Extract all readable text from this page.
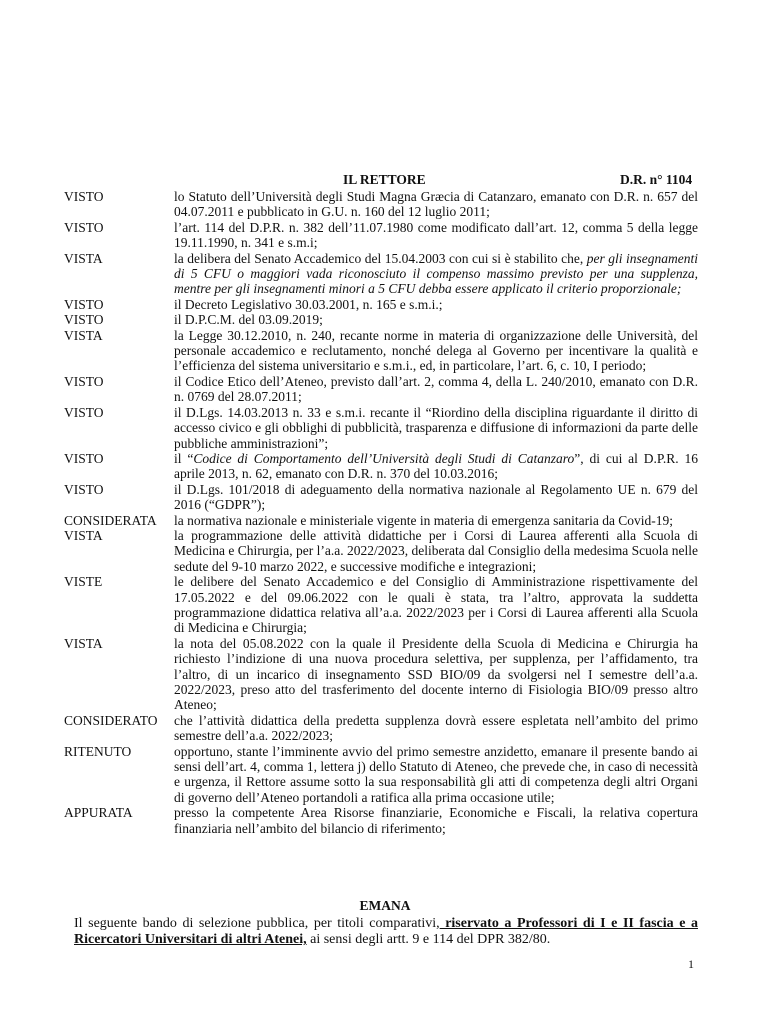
IL RETTORE	D.R. n° 1104
VISTO	lo Statuto dell’Università degli Studi Magna Græcia di Catanzaro, emanato con D.R. n. 657 del 04.07.2011 e pubblicato in G.U. n. 160 del 12 luglio 2011;
VISTO	l’art. 114 del D.P.R. n. 382 dell’11.07.1980 come modificato dall’art. 12, comma 5 della legge 19.11.1990, n. 341 e s.m.i;
VISTA	la delibera del Senato Accademico del 15.04.2003 con cui si è stabilito che, per gli insegnamenti di 5 CFU o maggiori vada riconosciuto il compenso massimo previsto per una supplenza, mentre per gli insegnamenti minori a 5 CFU debba essere applicato il criterio proporzionale;
VISTO	il Decreto Legislativo 30.03.2001, n. 165 e s.m.i.;
VISTO	il D.P.C.M. del 03.09.2019;
VISTA	la Legge 30.12.2010, n. 240, recante norme in materia di organizzazione delle Università, del personale accademico e reclutamento, nonché delega al Governo per incentivare la qualità e l’efficienza del sistema universitario e s.m.i., ed, in particolare, l’art. 6, c. 10, I periodo;
VISTO	il Codice Etico dell’Ateneo, previsto dall’art. 2, comma 4, della L. 240/2010, emanato con D.R. n. 0769 del 28.07.2011;
VISTO	il D.Lgs. 14.03.2013 n. 33 e s.m.i. recante il “Riordino della disciplina riguardante il diritto di accesso civico e gli obblighi di pubblicità, trasparenza e diffusione di informazioni da parte delle pubbliche amministrazioni”;
VISTO	il “Codice di Comportamento dell’Università degli Studi di Catanzaro”, di cui al D.P.R. 16 aprile 2013, n. 62, emanato con D.R. n. 370 del 10.03.2016;
VISTO	il D.Lgs. 101/2018 di adeguamento della normativa nazionale al Regolamento UE n. 679 del 2016 (“GDPR”);
CONSIDERATA	la normativa nazionale e ministeriale vigente in materia di emergenza sanitaria da Covid-19;
VISTA	la programmazione delle attività didattiche per i Corsi di Laurea afferenti alla Scuola di Medicina e Chirurgia, per l’a.a. 2022/2023, deliberata dal Consiglio della medesima Scuola nelle sedute del 9-10 marzo 2022, e successive modifiche e integrazioni;
VISTE	le delibere del Senato Accademico e del Consiglio di Amministrazione rispettivamente del 17.05.2022 e del 09.06.2022 con le quali è stata, tra l’altro, approvata la suddetta programmazione didattica relativa all’a.a. 2022/2023 per i Corsi di Laurea afferenti alla Scuola di Medicina e Chirurgia;
VISTA	la nota del 05.08.2022 con la quale il Presidente della Scuola di Medicina e Chirurgia ha richiesto l’indizione di una nuova procedura selettiva, per supplenza, per l’affidamento, tra l’altro, di un incarico di insegnamento SSD BIO/09 da svolgersi nel I semestre dell’a.a. 2022/2023, preso atto del trasferimento del docente interno di Fisiologia BIO/09 presso altro Ateneo;
CONSIDERATO	che l’attività didattica della predetta supplenza dovrà essere espletata nell’ambito del primo semestre dell’a.a. 2022/2023;
RITENUTO	opportuno, stante l’imminente avvio del primo semestre anzidetto, emanare il presente bando ai sensi dell’art. 4, comma 1, lettera j) dello Statuto di Ateneo, che prevede che, in caso di necessità e urgenza, il Rettore assume sotto la sua responsabilità gli atti di competenza degli altri Organi di governo dell’Ateneo portandoli a ratifica alla prima occasione utile;
APPURATA	presso la competente Area Risorse finanziarie, Economiche e Fiscali, la relativa copertura finanziaria nell’ambito del bilancio di riferimento;
EMANA
Il seguente bando di selezione pubblica, per titoli comparativi, riservato a Professori di I e II fascia e a Ricercatori Universitari di altri Atenei, ai sensi degli artt. 9 e 114 del DPR 382/80.
1
